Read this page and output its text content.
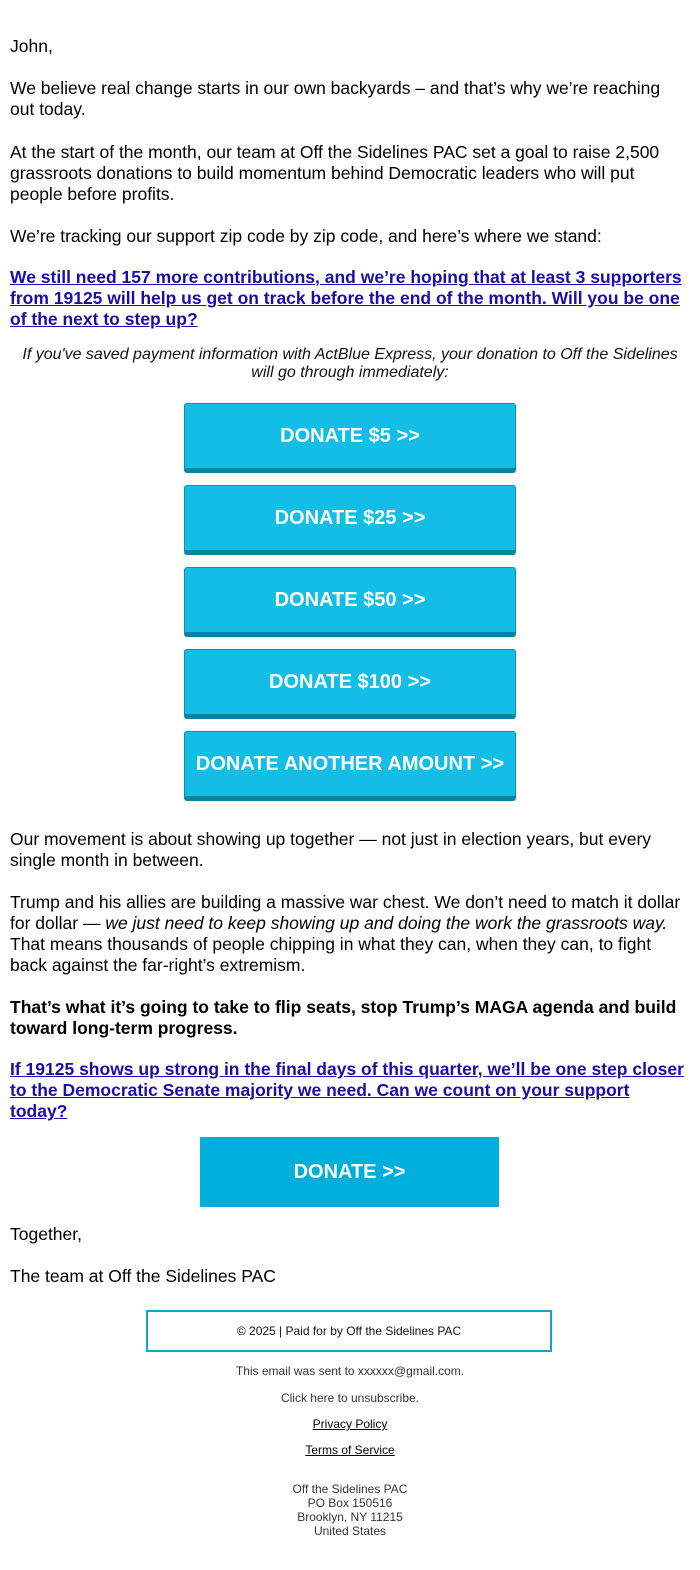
John,

We believe real change starts in our own backyards – and that’s why we’re reaching out today.

At the start of the month, our team at Off the Sidelines PAC set a goal to raise 2,500 grassroots donations to build momentum behind Democratic leaders who will put people before profits.

We’re tracking our support zip code by zip code, and here’s where we stand:

We still need 157 more contributions, and we’re hoping that at least 3 supporters from 19125 will help us get on track before the end of the month. Will you be one of the next to step up?

If you've saved payment information with ActBlue Express, your donation to Off the Sidelines will go through immediately:

DONATE $5 >>
DONATE $25 >>
DONATE $50 >>
DONATE $100 >>
DONATE ANOTHER AMOUNT >>

Our movement is about showing up together — not just in election years, but every single month in between.

Trump and his allies are building a massive war chest. We don’t need to match it dollar for dollar — we just need to keep showing up and doing the work the grassroots way. That means thousands of people chipping in what they can, when they can, to fight back against the far-right’s extremism.

That’s what it’s going to take to flip seats, stop Trump’s MAGA agenda and build toward long-term progress.

If 19125 shows up strong in the final days of this quarter, we’ll be one step closer to the Democratic Senate majority we need. Can we count on your support today?

DONATE >>

Together,

The team at Off the Sidelines PAC

© 2025 | Paid for by Off the Sidelines PAC
This email was sent to xxxxxx@gmail.com.
Click here to unsubscribe.
Privacy Policy
Terms of Service
Off the Sidelines PAC
PO Box 150516
Brooklyn, NY 11215
United States
